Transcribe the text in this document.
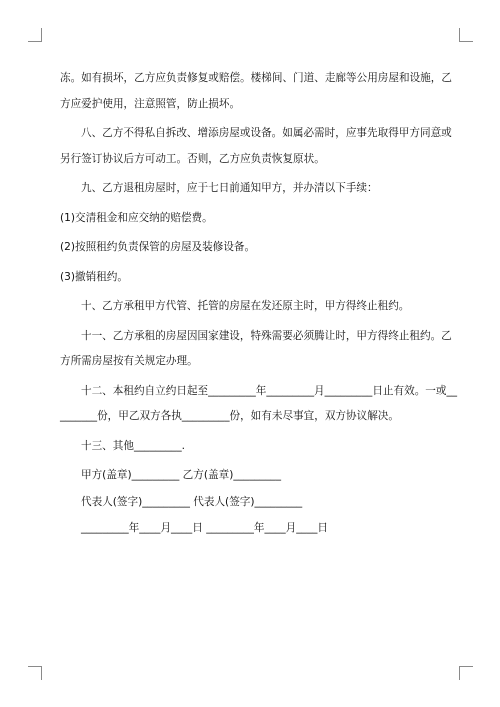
冻。如有损坏，乙方应负责修复或赔偿。楼梯间、门道、走廊等公用房屋和设施，乙

方应爱护使用，注意照管，防止损坏。

八、乙方不得私自拆改、增添房屋或设备。如属必需时，应事先取得甲方同意或

另行签订协议后方可动工。否则，乙方应负责恢复原状。

九、乙方退租房屋时，应于七日前通知甲方，并办清以下手续：

(1)交清租金和应交纳的赔偿费。

(2)按照租约负责保管的房屋及装修设备。

(3)撤销租约。

十、乙方承租甲方代管、托管的房屋在发还原主时，甲方得终止租约。

十一、乙方承租的房屋因国家建设，特殊需要必须腾让时，甲方得终止租约。乙

方所需房屋按有关规定办理。

十二、本租约自立约日起至_________年_________月_________日止有效。一或__

_______份，甲乙双方各执_________份，如有未尽事宜，双方协议解决。

十三、其他_________.

甲方(盖章)_________ 乙方(盖章)_________

代表人(签字)_________ 代表人(签字)_________

_________年____月____日 _________年____月____日
